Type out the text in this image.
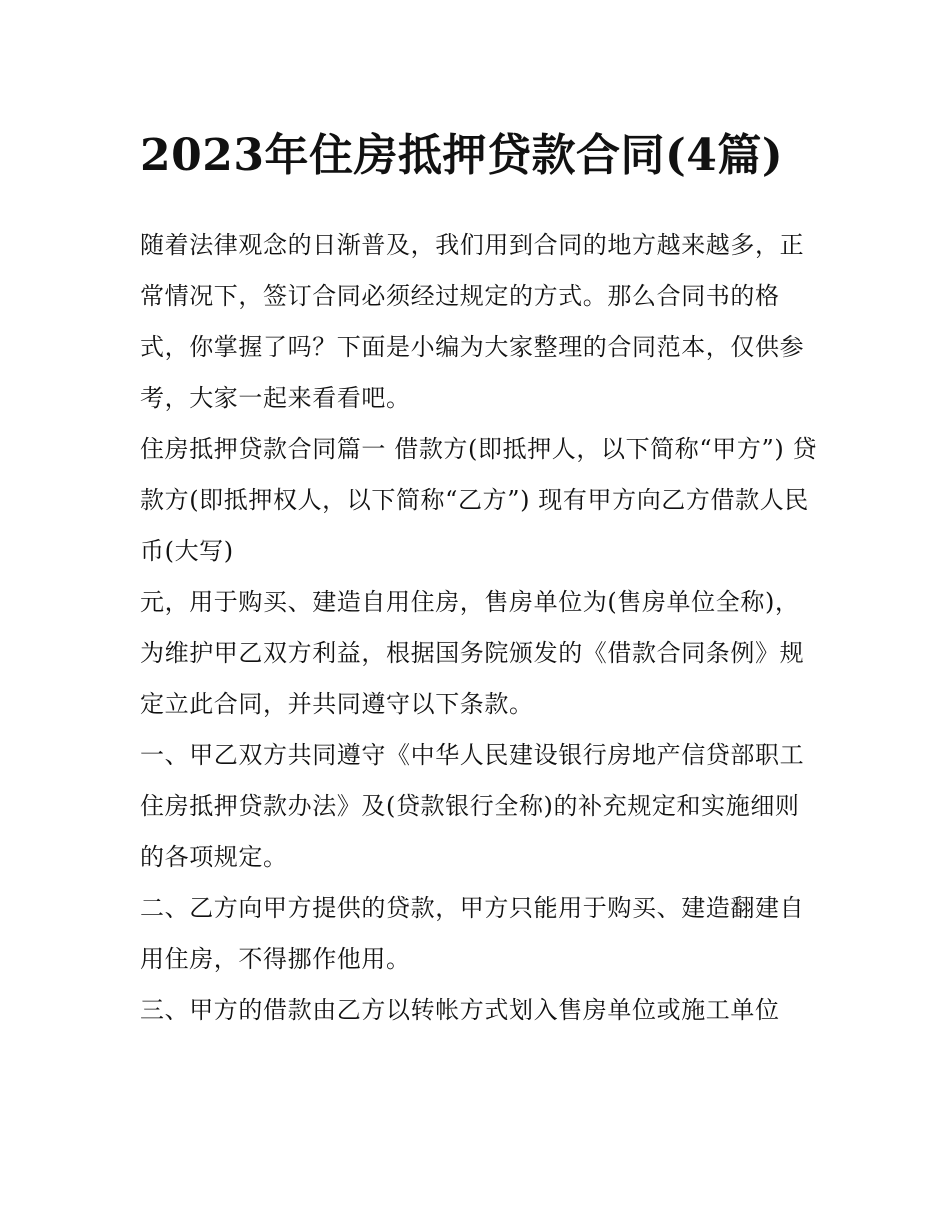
2023年住房抵押贷款合同(4篇)

随着法律观念的日渐普及，我们用到合同的地方越来越多，正常情况下，签订合同必须经过规定的方式。那么合同书的格式，你掌握了吗？下面是小编为大家整理的合同范本，仅供参考，大家一起来看看吧。

住房抵押贷款合同篇一 借款方(即抵押人，以下简称“甲方”) 贷款方(即抵押权人，以下简称“乙方”) 现有甲方向乙方借款人民币(大写)

元，用于购买、建造自用住房，售房单位为(售房单位全称)，为维护甲乙双方利益，根据国务院颁发的《借款合同条例》规定立此合同，并共同遵守以下条款。

一、甲乙双方共同遵守《中华人民建设银行房地产信贷部职工住房抵押贷款办法》及(贷款银行全称)的补充规定和实施细则的各项规定。

二、乙方向甲方提供的贷款，甲方只能用于购买、建造翻建自用住房，不得挪作他用。

三、甲方的借款由乙方以转帐方式划入售房单位或施工单位
